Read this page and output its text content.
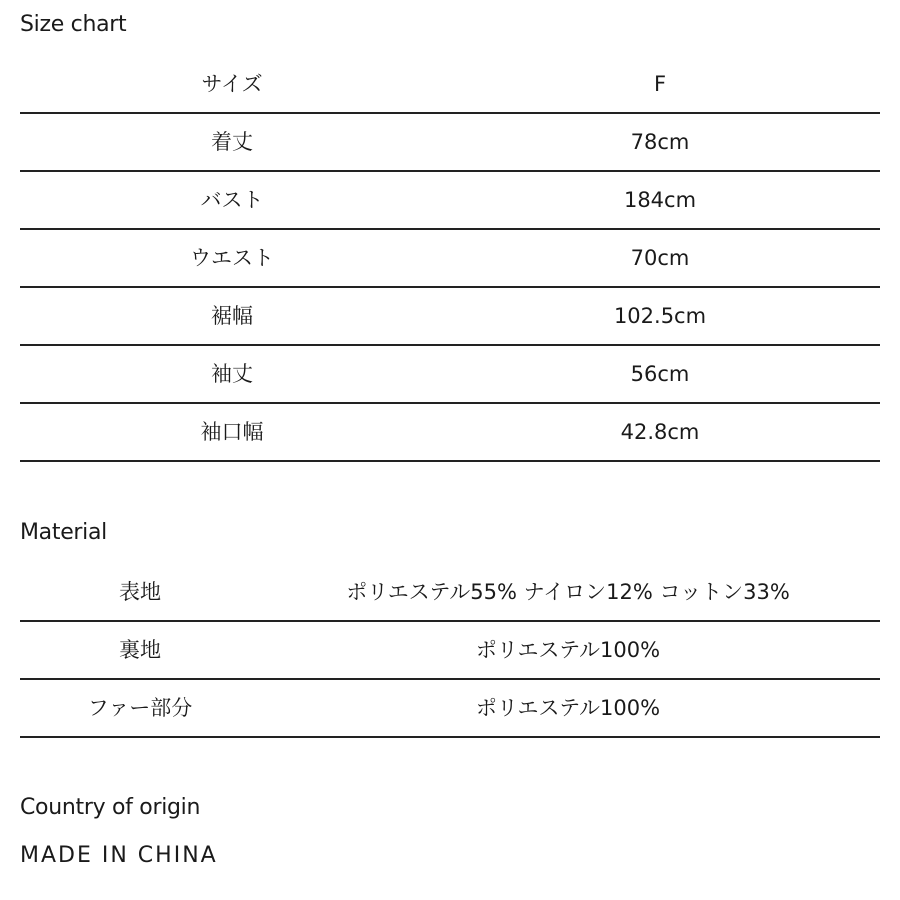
Size chart
サイズ	F
着丈	78cm
バスト	184cm
ウエスト	70cm
裾幅	102.5cm
袖丈	56cm
袖口幅	42.8cm
Material
表地	ポリエステル55% ナイロン12% コットン33%
裏地	ポリエステル100%
ファー部分	ポリエステル100%
Country of origin
MADE IN CHINA
